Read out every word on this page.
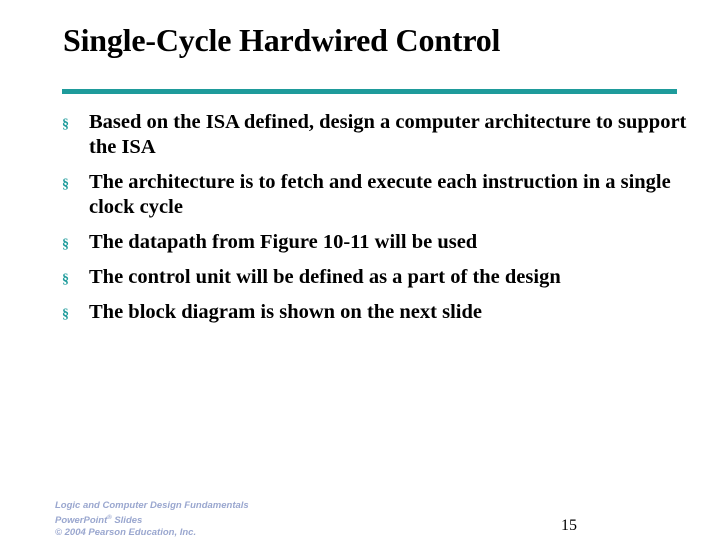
Single-Cycle Hardwired Control
§ Based on the ISA defined, design a computer architecture to support the ISA
§ The architecture is to fetch and execute each instruction in a single clock cycle
§ The datapath from Figure 10-11 will be used
§ The control unit will be defined as a part of the design
§ The block diagram is shown on the next slide
Logic and Computer Design Fundamentals
PowerPoint® Slides
© 2004 Pearson Education, Inc.	15
